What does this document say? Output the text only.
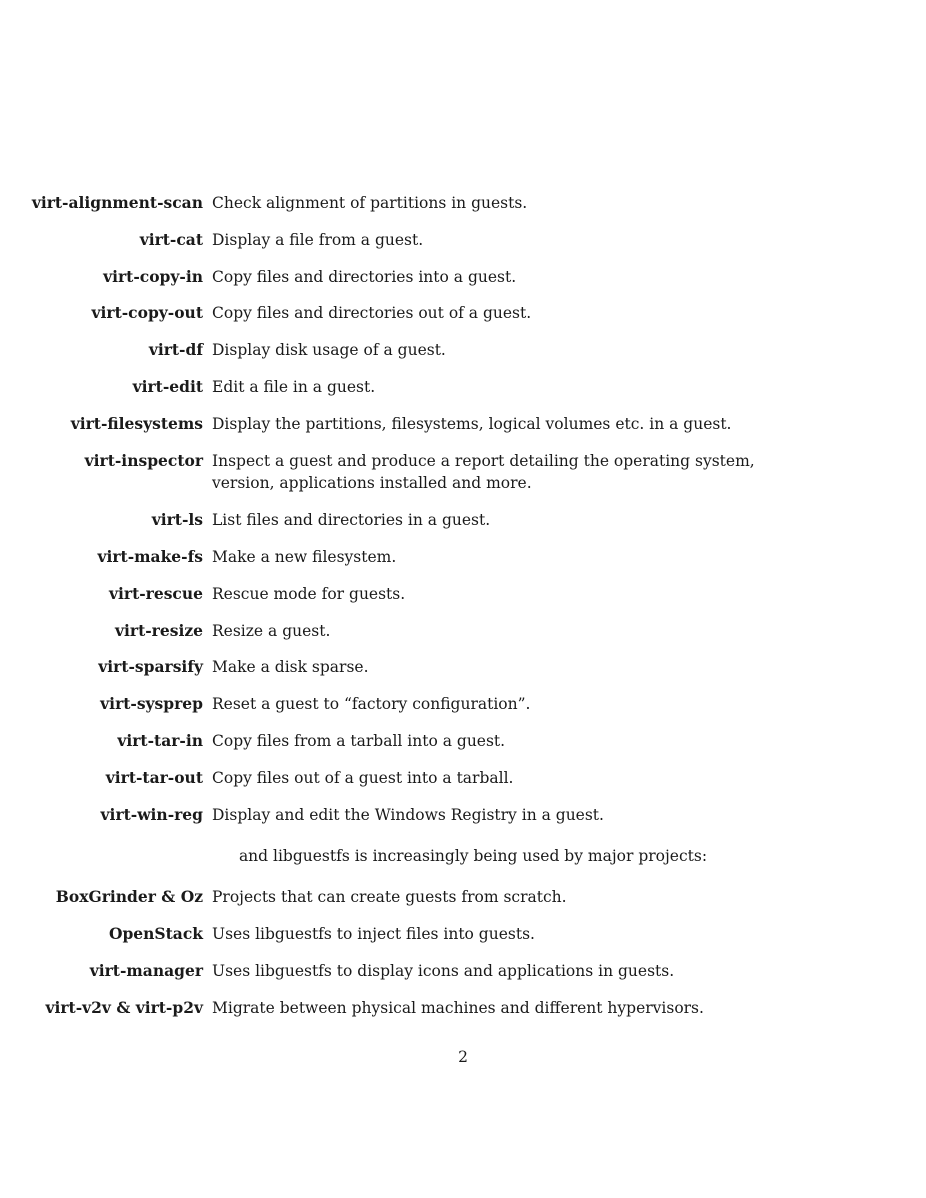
virt-alignment-scan Check alignment of partitions in guests.
virt-cat Display a file from a guest.
virt-copy-in Copy files and directories into a guest.
virt-copy-out Copy files and directories out of a guest.
virt-df Display disk usage of a guest.
virt-edit Edit a file in a guest.
virt-filesystems Display the partitions, filesystems, logical volumes etc. in a guest.
virt-inspector Inspect a guest and produce a report detailing the operating system, version, applications installed and more.
virt-ls List files and directories in a guest.
virt-make-fs Make a new filesystem.
virt-rescue Rescue mode for guests.
virt-resize Resize a guest.
virt-sparsify Make a disk sparse.
virt-sysprep Reset a guest to “factory configuration”.
virt-tar-in Copy files from a tarball into a guest.
virt-tar-out Copy files out of a guest into a tarball.
virt-win-reg Display and edit the Windows Registry in a guest.
and libguestfs is increasingly being used by major projects:
BoxGrinder & Oz Projects that can create guests from scratch.
OpenStack Uses libguestfs to inject files into guests.
virt-manager Uses libguestfs to display icons and applications in guests.
virt-v2v & virt-p2v Migrate between physical machines and different hypervisors.
2
